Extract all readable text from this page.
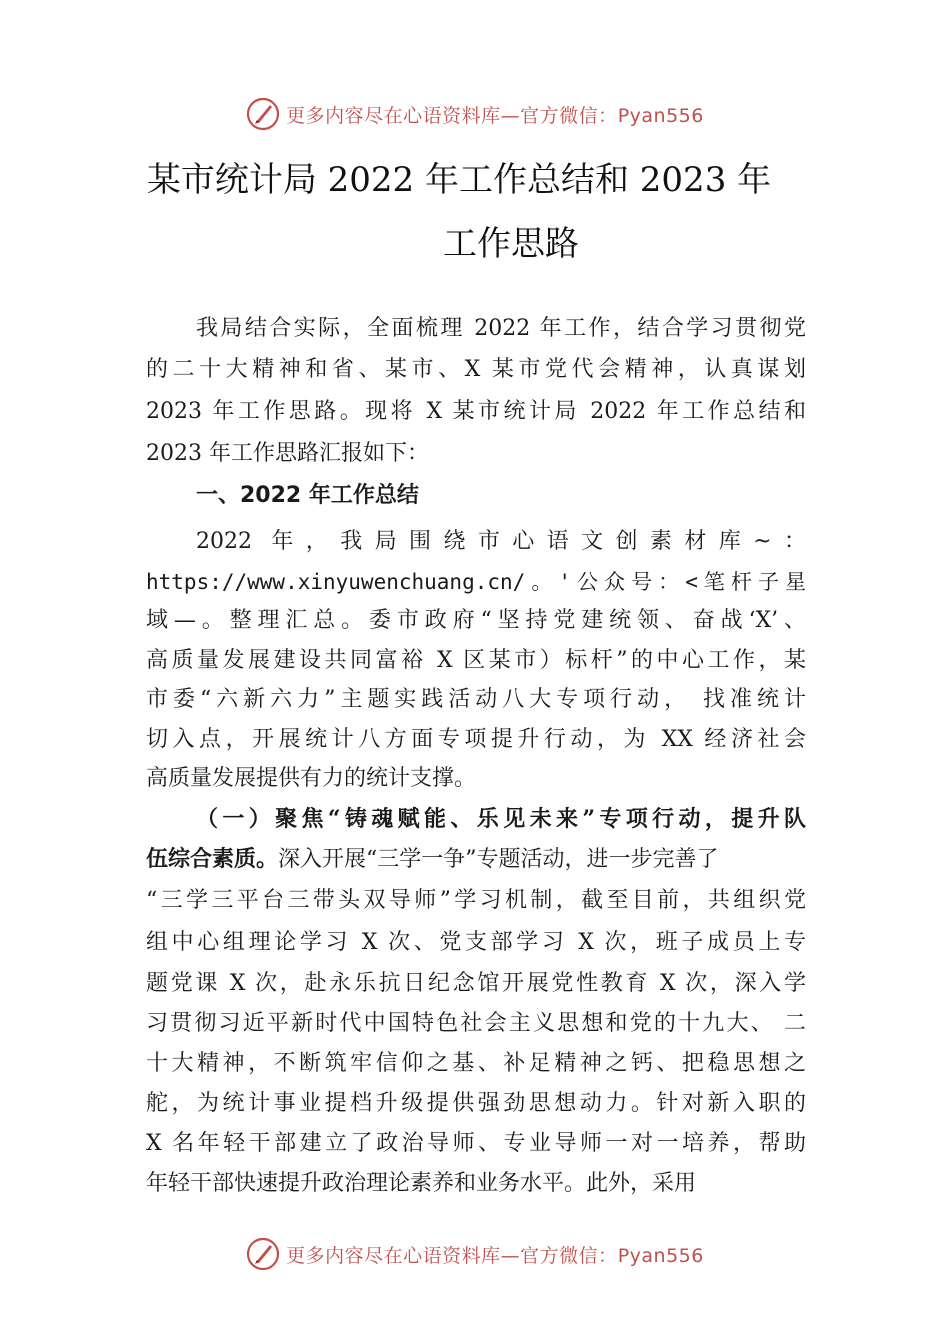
更多内容尽在心语资料库—官方微信：Pyan556
某市统计局 2022 年工作总结和 2023 年
工作思路
我局结合实际，全面梳理 2022 年工作，结合学习贯彻党
的二十大精神和省、某市、X 某市党代会精神，认真谋划
2023 年工作思路。现将 X 某市统计局 2022 年工作总结和
2023 年工作思路汇报如下：
一、2022 年工作总结
2022 年，我局围绕市心语文创素材库~：
https://www.xinyuwenchuang.cn/。'公众号：<笔杆子星
域—。整理汇总。委市政府“坚持党建统领、奋战‘X’、
高质量发展建设共同富裕 X 区某市）标杆”的中心工作，某
市委“六新六力”主题实践活动八大专项行动， 找准统计
切入点，开展统计八方面专项提升行动，为 XX 经济社会
高质量发展提供有力的统计支撑。
（一）聚焦“铸魂赋能、乐见未来”专项行动，提升队
伍综合素质。深入开展“三学一争”专题活动，进一步完善了
“三学三平台三带头双导师”学习机制，截至目前，共组织党
组中心组理论学习 X 次、党支部学习 X 次，班子成员上专
题党课 X 次，赴永乐抗日纪念馆开展党性教育 X 次，深入学
习贯彻习近平新时代中国特色社会主义思想和党的十九大、 二
十大精神，不断筑牢信仰之基、补足精神之钙、把稳思想之
舵，为统计事业提档升级提供强劲思想动力。针对新入职的
X 名年轻干部建立了政治导师、专业导师一对一培养，帮助
年轻干部快速提升政治理论素养和业务水平。此外，采用
更多内容尽在心语资料库—官方微信：Pyan556
